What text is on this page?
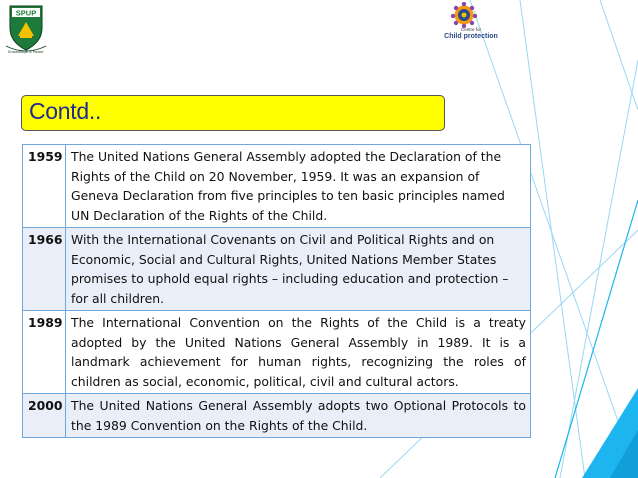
SPUP
Knowledge & Power
Centre for
Child protection
Contd..
1959	The United Nations General Assembly adopted the Declaration of the Rights of the Child on 20 November, 1959. It was an expansion of Geneva Declaration from five principles to ten basic principles named UN Declaration of the Rights of the Child.
1966	With the International Covenants on Civil and Political Rights and on Economic, Social and Cultural Rights, United Nations Member States promises to uphold equal rights – including education and protection – for all children.
1989	The International Convention on the Rights of the Child is a treaty adopted by the United Nations General Assembly in 1989. It is a landmark achievement for human rights, recognizing the roles of children as social, economic, political, civil and cultural actors.
2000	The United Nations General Assembly adopts two Optional Protocols to the 1989 Convention on the Rights of the Child.
